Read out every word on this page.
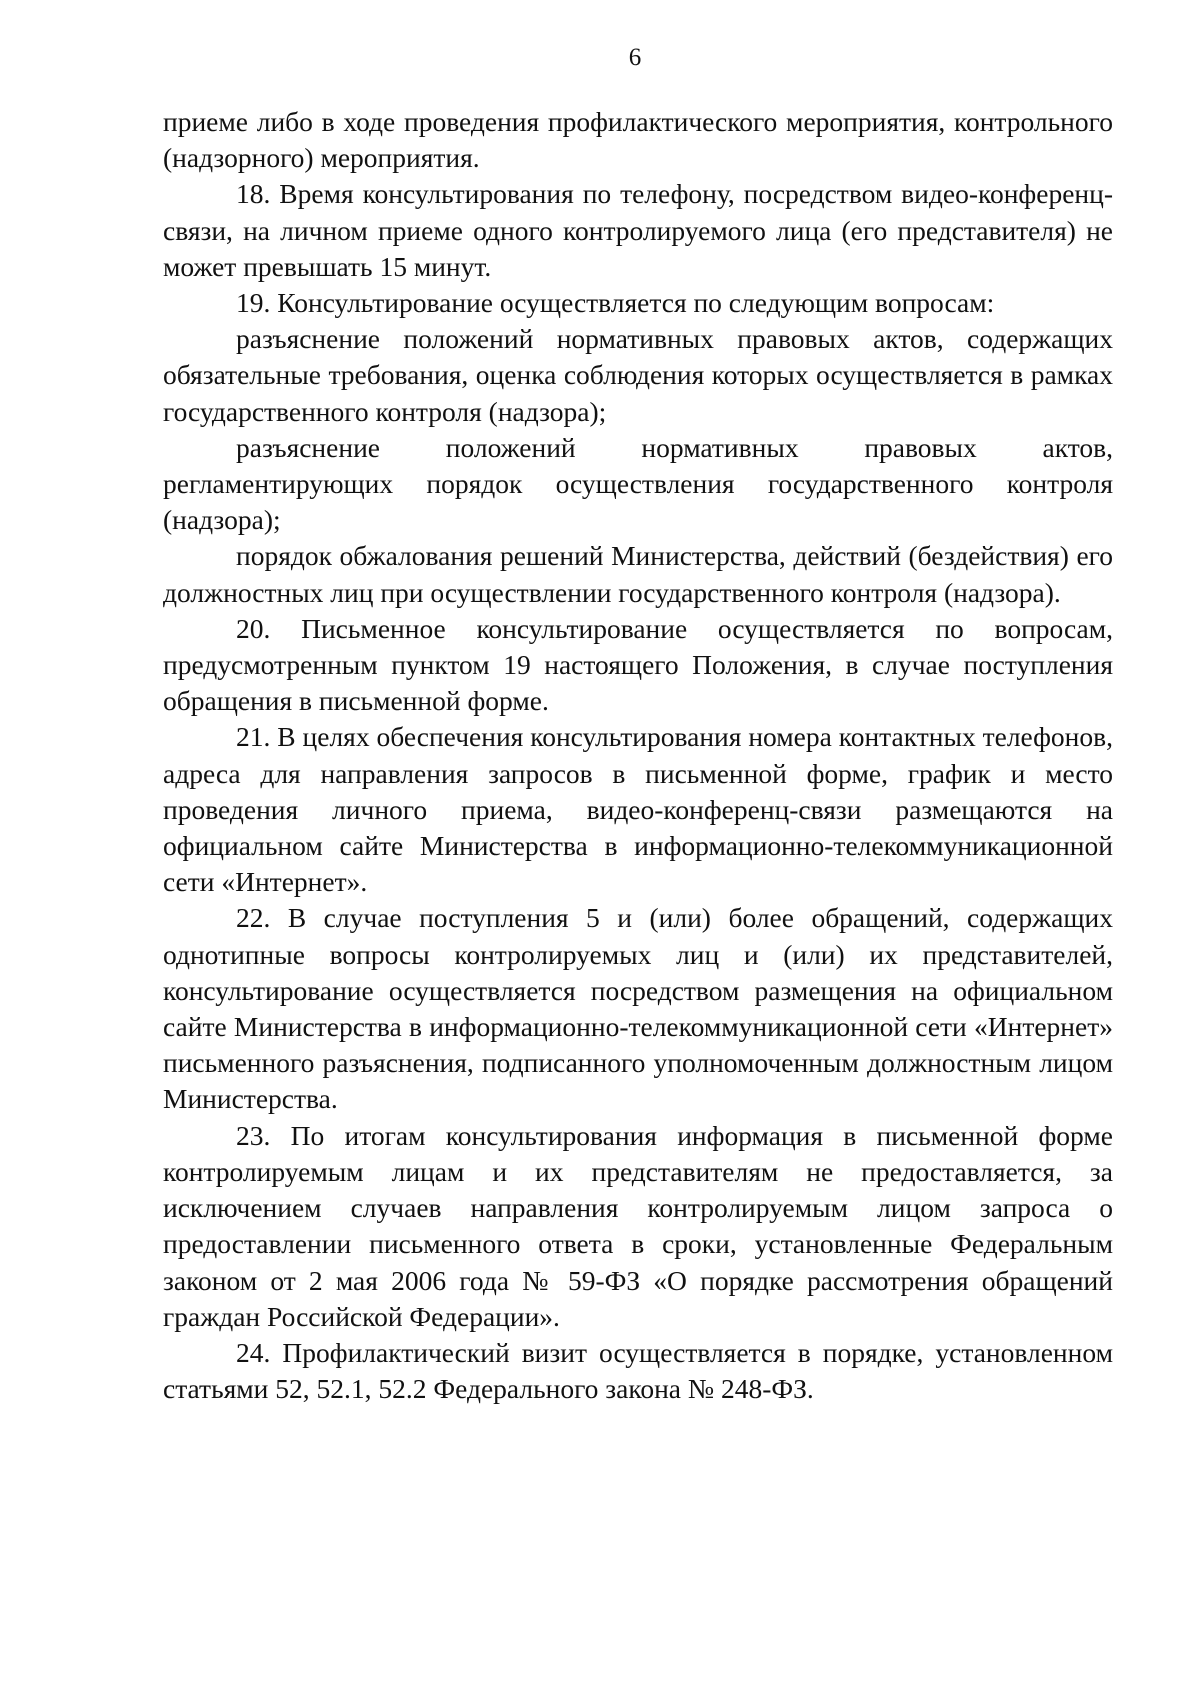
6

приеме либо в ходе проведения профилактического мероприятия, контрольного (надзорного) мероприятия.

18. Время консультирования по телефону, посредством видео-конференц-связи, на личном приеме одного контролируемого лица (его представителя) не может превышать 15 минут.

19. Консультирование осуществляется по следующим вопросам:

разъяснение положений нормативных правовых актов, содержащих обязательные требования, оценка соблюдения которых осуществляется в рамках государственного контроля (надзора);

разъяснение положений нормативных правовых актов, регламентирующих порядок осуществления государственного контроля (надзора);

порядок обжалования решений Министерства, действий (бездействия) его должностных лиц при осуществлении государственного контроля (надзора).

20. Письменное консультирование осуществляется по вопросам, предусмотренным пунктом 19 настоящего Положения, в случае поступления обращения в письменной форме.

21. В целях обеспечения консультирования номера контактных телефонов, адреса для направления запросов в письменной форме, график и место проведения личного приема, видео-конференц-связи размещаются на официальном сайте Министерства в информационно-телекоммуникационной сети «Интернет».

22. В случае поступления 5 и (или) более обращений, содержащих однотипные вопросы контролируемых лиц и (или) их представителей, консультирование осуществляется посредством размещения на официальном сайте Министерства в информационно-телекоммуникационной сети «Интернет» письменного разъяснения, подписанного уполномоченным должностным лицом Министерства.

23. По итогам консультирования информация в письменной форме контролируемым лицам и их представителям не предоставляется, за исключением случаев направления контролируемым лицом запроса о предоставлении письменного ответа в сроки, установленные Федеральным законом от 2 мая 2006 года № 59-ФЗ «О порядке рассмотрения обращений граждан Российской Федерации».

24. Профилактический визит осуществляется в порядке, установленном статьями 52, 52.1, 52.2 Федерального закона № 248-ФЗ.
